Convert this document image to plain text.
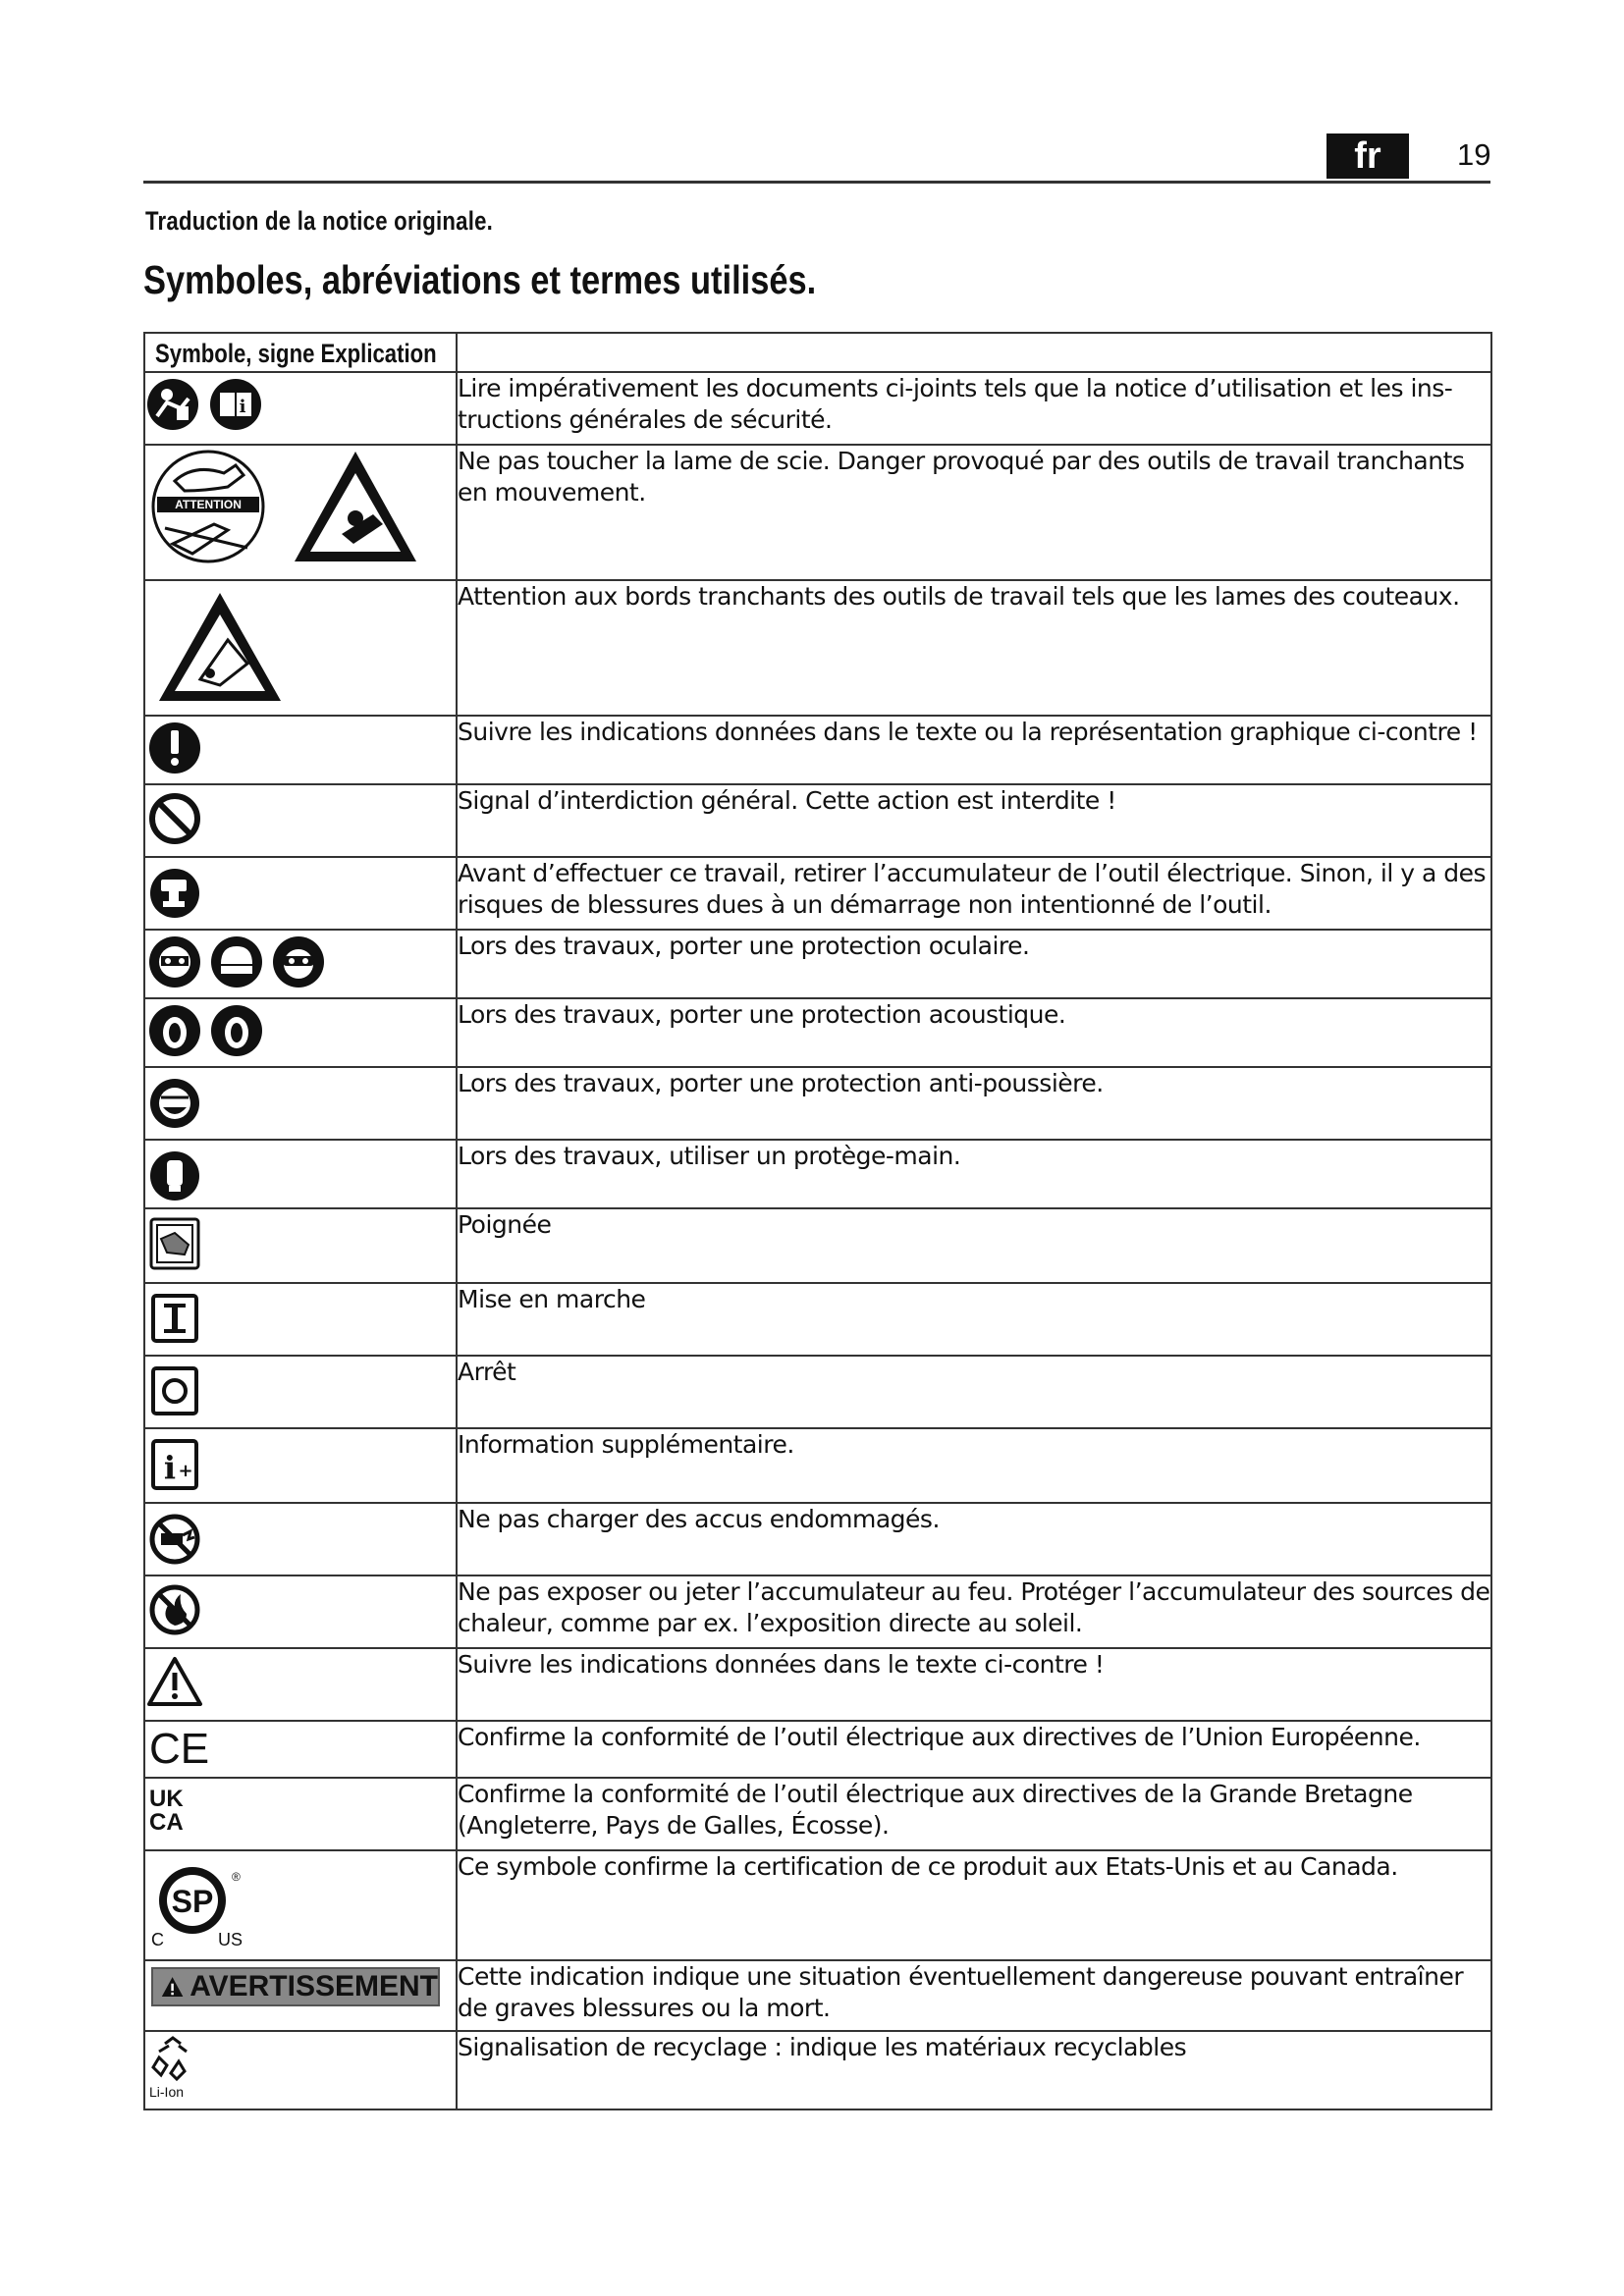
fr	19
Traduction de la notice originale.
Symboles, abréviations et termes utilisés.
Symbole, signe Explication	

i	Lire impérativement les documents ci-joints tels que la notice d’utilisation et les ins-tructions générales de sécurité.

ATTENTION	Ne pas toucher la lame de scie. Danger provoqué par des outils de travail tranchants en mouvement.

	Attention aux bords tranchants des outils de travail tels que les lames des couteaux.

	Suivre les indications données dans le texte ou la représentation graphique ci-contre !

	Signal d’interdiction général. Cette action est interdite !

	Avant d’effectuer ce travail, retirer l’accumulateur de l’outil électrique. Sinon, il y a des risques de blessures dues à un démarrage non intentionné de l’outil.

	Lors des travaux, porter une protection oculaire.

	Lors des travaux, porter une protection acoustique.

	Lors des travaux, porter une protection anti-poussière.

	Lors des travaux, utiliser un protège-main.

	Poignée

	Mise en marche

	Arrêt

i +	Information supplémentaire.

	Ne pas charger des accus endommagés.

	Ne pas exposer ou jeter l’accumulateur au feu. Protéger l’accumulateur des sources de chaleur, comme par ex. l’exposition directe au soleil.

	Suivre les indications données dans le texte ci-contre !

CE	Confirme la conformité de l’outil électrique aux directives de l’Union Européenne.

UK
CA	Confirme la conformité de l’outil électrique aux directives de la Grande Bretagne (Angleterre, Pays de Galles, Écosse).

SP
®
C US	Ce symbole confirme la certification de ce produit aux Etats-Unis et au Canada.

AVERTISSEMENT	Cette indication indique une situation éventuellement dangereuse pouvant entraîner de graves blessures ou la mort.

Li-Ion	Signalisation de recyclage : indique les matériaux recyclables
